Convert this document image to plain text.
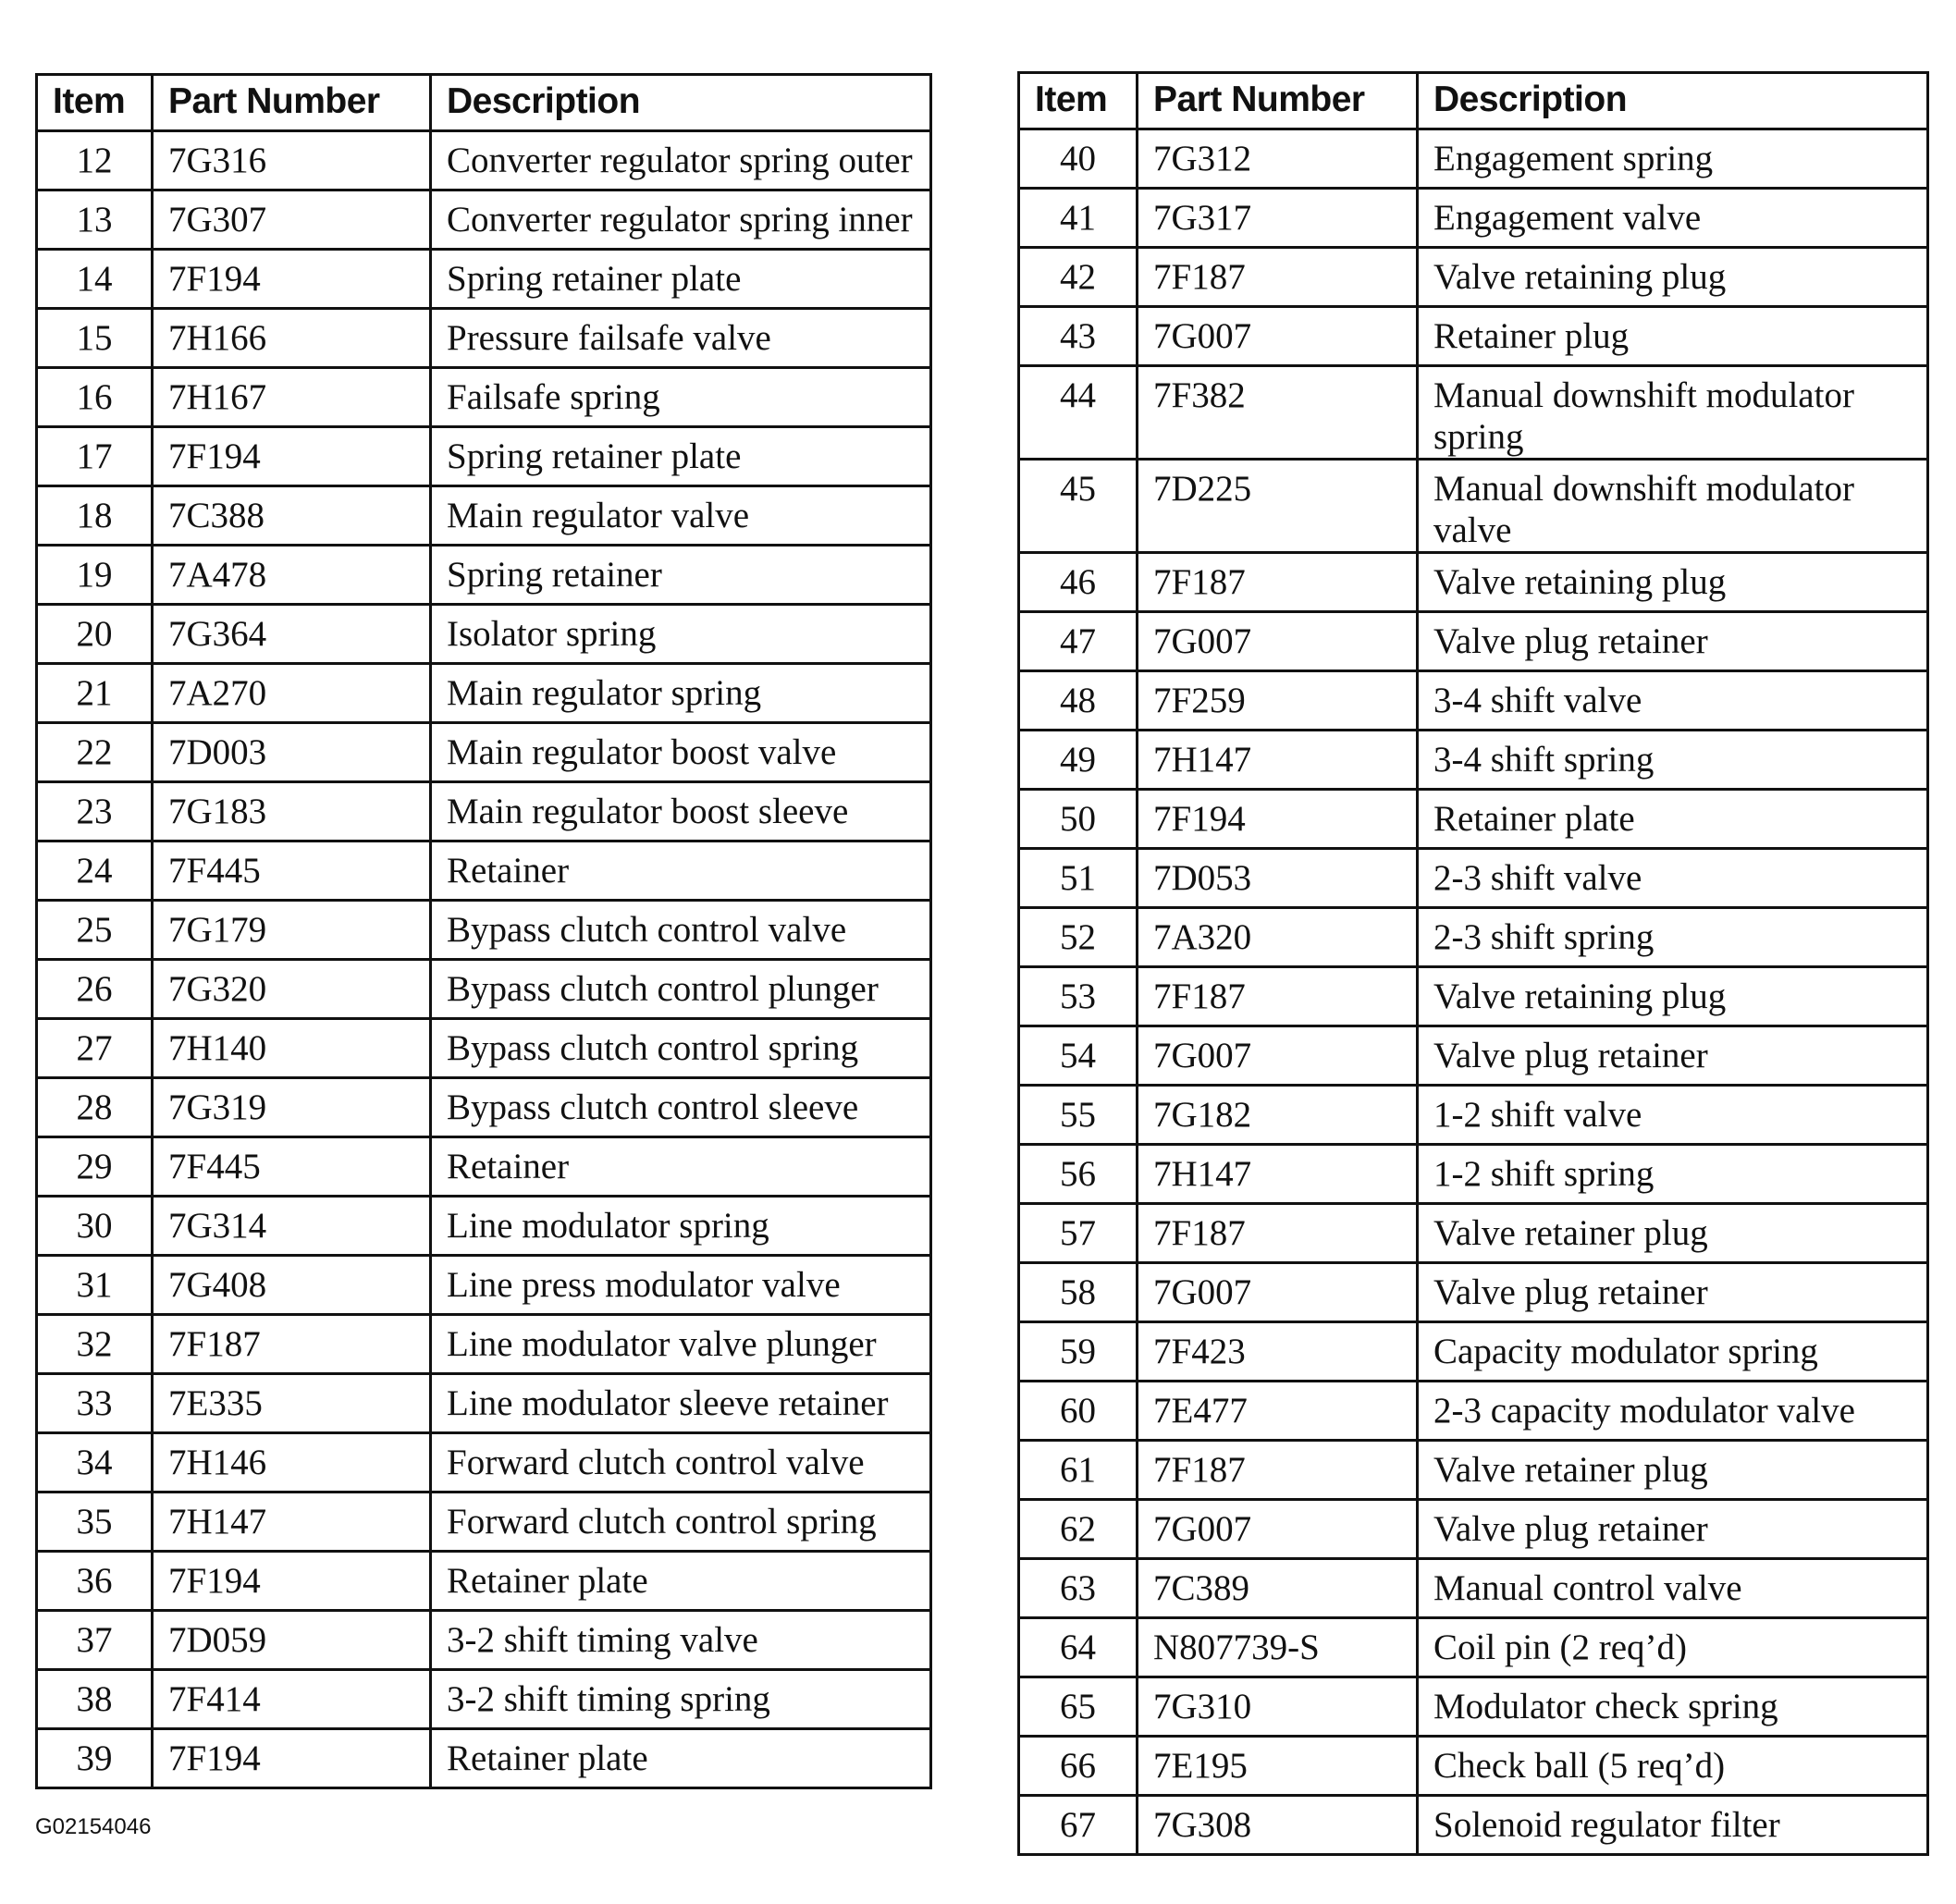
Item	Part Number	Description
12	7G316	Converter regulator spring outer
13	7G307	Converter regulator spring inner
14	7F194	Spring retainer plate
15	7H166	Pressure failsafe valve
16	7H167	Failsafe spring
17	7F194	Spring retainer plate
18	7C388	Main regulator valve
19	7A478	Spring retainer
20	7G364	Isolator spring
21	7A270	Main regulator spring
22	7D003	Main regulator boost valve
23	7G183	Main regulator boost sleeve
24	7F445	Retainer
25	7G179	Bypass clutch control valve
26	7G320	Bypass clutch control plunger
27	7H140	Bypass clutch control spring
28	7G319	Bypass clutch control sleeve
29	7F445	Retainer
30	7G314	Line modulator spring
31	7G408	Line press modulator valve
32	7F187	Line modulator valve plunger
33	7E335	Line modulator sleeve retainer
34	7H146	Forward clutch control valve
35	7H147	Forward clutch control spring
36	7F194	Retainer plate
37	7D059	3-2 shift timing valve
38	7F414	3-2 shift timing spring
39	7F194	Retainer plate
Item	Part Number	Description
40	7G312	Engagement spring
41	7G317	Engagement valve
42	7F187	Valve retaining plug
43	7G007	Retainer plug
44	7F382	Manual downshift modulator spring
45	7D225	Manual downshift modulator valve
46	7F187	Valve retaining plug
47	7G007	Valve plug retainer
48	7F259	3-4 shift valve
49	7H147	3-4 shift spring
50	7F194	Retainer plate
51	7D053	2-3 shift valve
52	7A320	2-3 shift spring
53	7F187	Valve retaining plug
54	7G007	Valve plug retainer
55	7G182	1-2 shift valve
56	7H147	1-2 shift spring
57	7F187	Valve retainer plug
58	7G007	Valve plug retainer
59	7F423	Capacity modulator spring
60	7E477	2-3 capacity modulator valve
61	7F187	Valve retainer plug
62	7G007	Valve plug retainer
63	7C389	Manual control valve
64	N807739-S	Coil pin (2 req’d)
65	7G310	Modulator check spring
66	7E195	Check ball (5 req’d)
67	7G308	Solenoid regulator filter
G02154046
